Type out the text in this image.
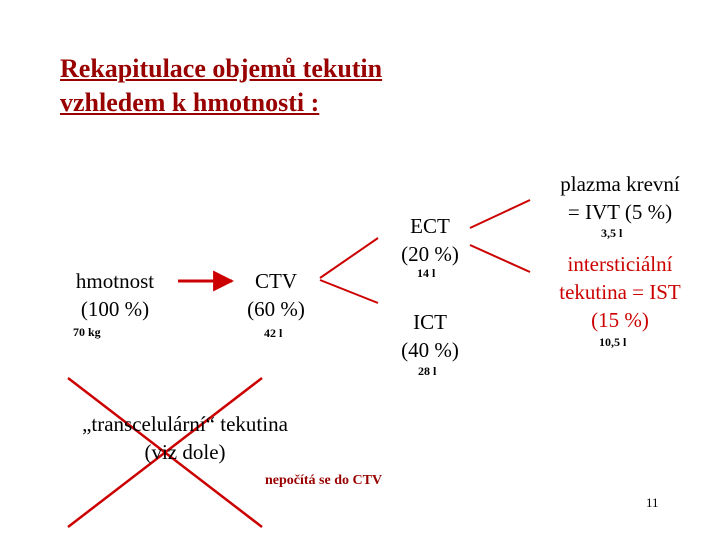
Rekapitulace objemů tekutin
vzhledem k hmotnosti :
hmotnost
(100 %)
70 kg
CTV
(60 %)
42 l
ECT
(20 %)
14 l
ICT
(40 %)
28 l
plazma krevní
= IVT (5 %)
3,5 l
intersticiální
tekutina = IST
(15 %)
10,5 l
„transcelulární“ tekutina
(viz dole)
nepočítá se do CTV
11
